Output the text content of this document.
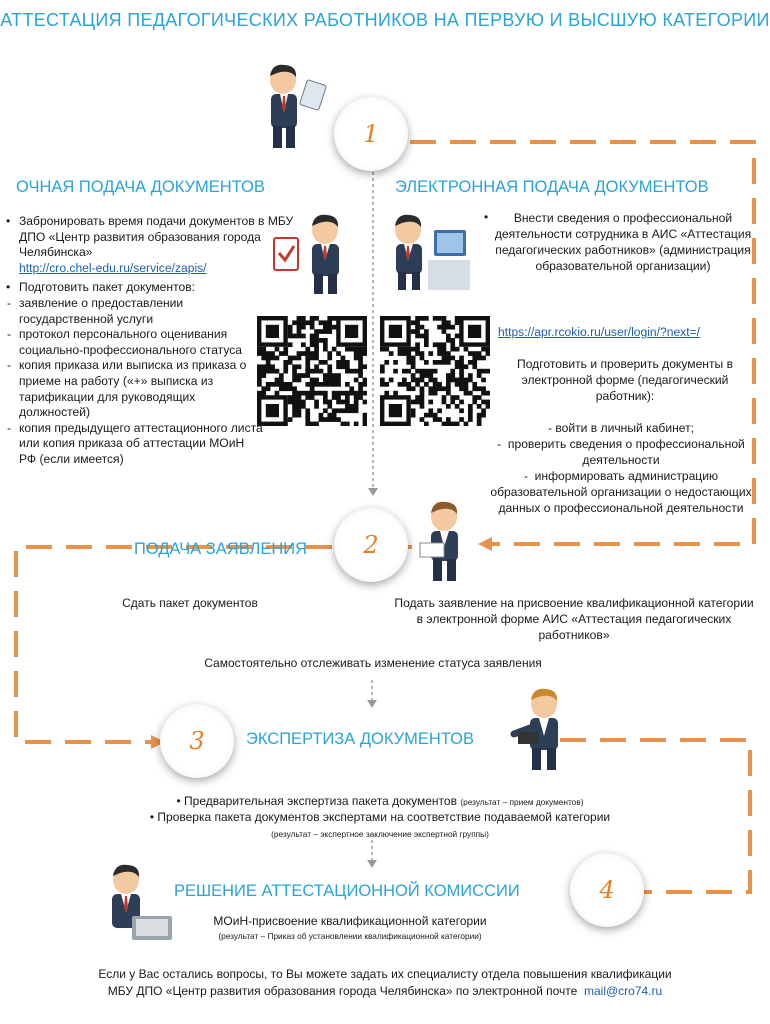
АТТЕСТАЦИЯ ПЕДАГОГИЧЕСКИХ РАБОТНИКОВ НА ПЕРВУЮ И ВЫСШУЮ КАТЕГОРИИ
1
2
3
4
ОЧНАЯ ПОДАЧА ДОКУМЕНТОВ
• Забронировать время подачи документов в МБУ ДПО «Центр развития образования города Челябинска»
http://cro.chel-edu.ru/service/zapis/
• Подготовить пакет документов:
- заявление о предоставлении государственной услуги
- протокол персонального оценивания социально-профессионального статуса
- копия приказа или выписка из приказа о приеме на работу («+» выписка из тарификации для руководящих должностей)
- копия предыдущего аттестационного листа или копия приказа об аттестации МОиН РФ (если имеется)
ЭЛЕКТРОННАЯ ПОДАЧА ДОКУМЕНТОВ
Внести сведения о профессиональной деятельности сотрудника в АИС «Аттестация педагогических работников» (администрация образовательной организации)
•
https://apr.rcokio.ru/user/login/?next=/
Подготовить и проверить документы в электронной форме (педагогический работник):
- войти в личный кабинет;
-  проверить сведения о профессиональной деятельности
-  информировать администрацию образовательной организации о недостающих данных о профессиональной деятельности
ПОДАЧА ЗАЯВЛЕНИЯ
Сдать пакет документов	Подать заявление на присвоение квалификационной категории в электронной форме АИС «Аттестация педагогических работников»
Самостоятельно отслеживать изменение статуса заявления
ЭКСПЕРТИЗА ДОКУМЕНТОВ
• Предварительная экспертиза пакета документов (результат – прием документов)
• Проверка пакета документов экспертами на соответствие подаваемой категории
(результат – экспертное заключение экспертной группы)
РЕШЕНИЕ АТТЕСТАЦИОННОЙ КОМИССИИ
МОиН-присвоение квалификационной категории
(результат – Приказ об установлении квалификационной категории)
Если у Вас остались вопросы, то Вы можете задать их специалисту отдела повышения квалификации
МБУ ДПО «Центр развития образования города Челябинска» по электронной почте mail@cro74.ru
